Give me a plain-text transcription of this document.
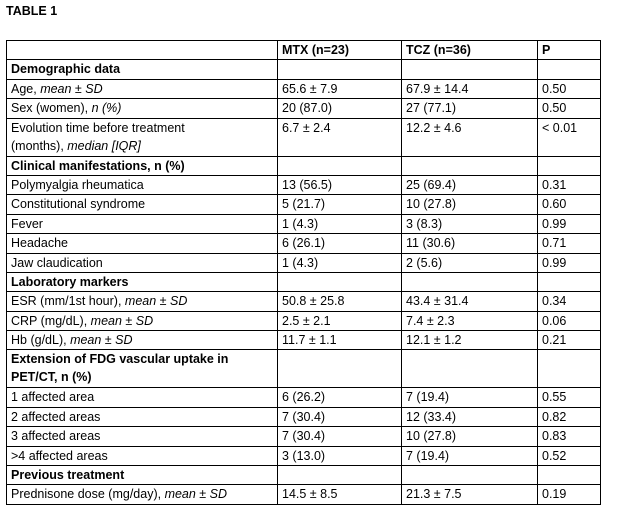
TABLE 1
	MTX (n=23)	TCZ (n=36)	P
Demographic data			
Age, mean ± SD	65.6 ± 7.9	67.9 ± 14.4	0.50
Sex (women), n (%)	20 (87.0)	27 (77.1)	0.50
Evolution time before treatment
(months), median [IQR]	6.7 ± 2.4	12.2 ± 4.6	< 0.01
Clinical manifestations, n (%)			
Polymyalgia rheumatica	13 (56.5)	25 (69.4)	0.31
Constitutional syndrome	5 (21.7)	10 (27.8)	0.60
Fever	1 (4.3)	3 (8.3)	0.99
Headache	6 (26.1)	11 (30.6)	0.71
Jaw claudication	1 (4.3)	2 (5.6)	0.99
Laboratory markers			
ESR (mm/1st hour), mean ± SD	50.8 ± 25.8	43.4 ± 31.4	0.34
CRP (mg/dL), mean ± SD	2.5 ± 2.1	7.4 ± 2.3	0.06
Hb (g/dL), mean ± SD	11.7 ± 1.1	12.1 ± 1.2	0.21
Extension of FDG vascular uptake in
PET/CT, n (%)			
1 affected area	6 (26.2)	7 (19.4)	0.55
2 affected areas	7 (30.4)	12 (33.4)	0.82
3 affected areas	7 (30.4)	10 (27.8)	0.83
>4 affected areas	3 (13.0)	7 (19.4)	0.52
Previous treatment			
Prednisone dose (mg/day), mean ± SD	14.5 ± 8.5	21.3 ± 7.5	0.19
